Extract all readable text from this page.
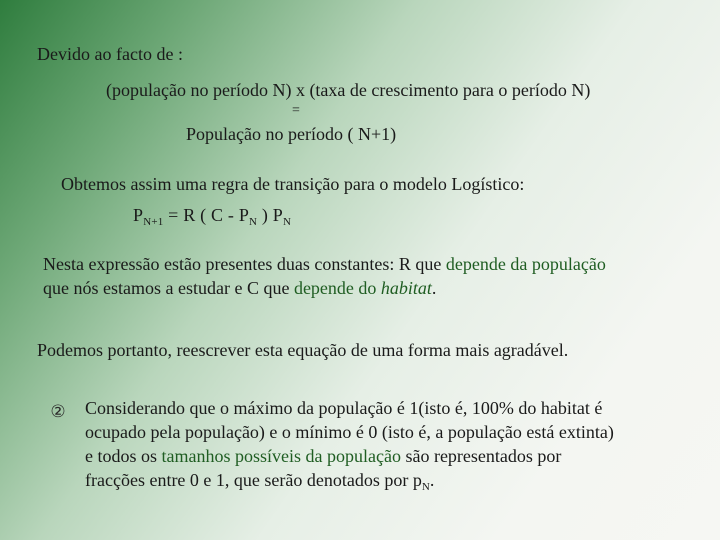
Devido ao facto de :
(população no período N) x (taxa de crescimento para o período N)
=
População no período ( N+1)
Obtemos assim uma regra de transição para o modelo Logístico:
$P_{N+1} = R$ ( C - $P_N$ ) $P_N$
Nesta expressão estão presentes duas constantes: R que depende da população
que nós estamos a estudar e C que depende do habitat.
Podemos portanto, reescrever esta equação de uma forma mais agradável.
② Considerando que o máximo da população é 1(isto é, 100% do habitat é
ocupado pela população) e o mínimo é 0 (isto é, a população está extinta)
e todos os tamanhos possíveis da população são representados por
fracções entre 0 e 1, que serão denotados por $p_N$.
